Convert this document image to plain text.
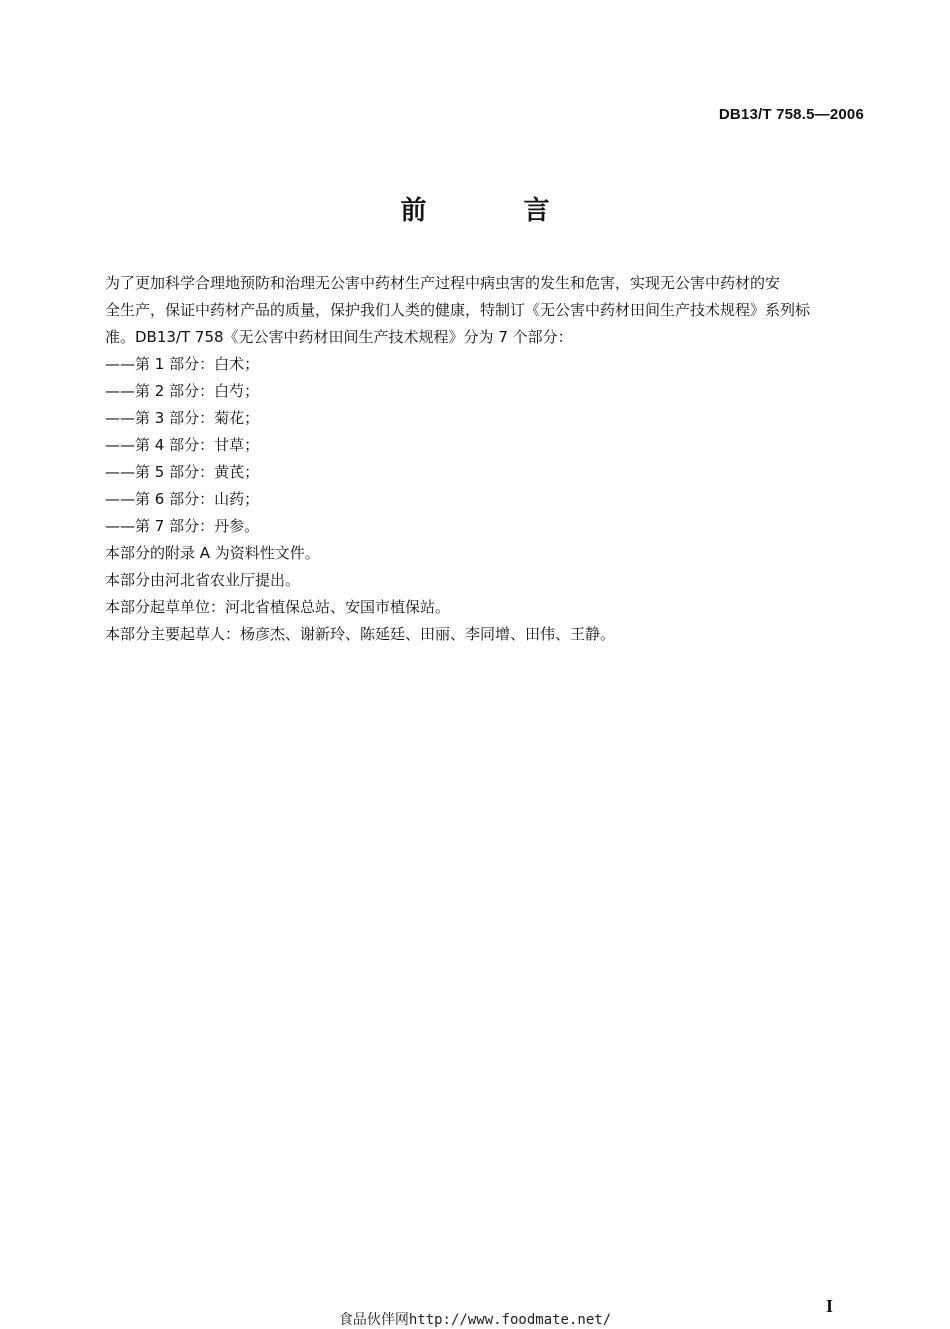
DB13/T 758.5—2006
前 言
为了更加科学合理地预防和治理无公害中药材生产过程中病虫害的发生和危害，实现无公害中药材的安
全生产，保证中药材产品的质量，保护我们人类的健康，特制订《无公害中药材田间生产技术规程》系列标
准。DB13/T 758《无公害中药材田间生产技术规程》分为 7 个部分：
——第 1 部分：白术；
——第 2 部分：白芍；
——第 3 部分：菊花；
——第 4 部分：甘草；
——第 5 部分：黄芪；
——第 6 部分：山药；
——第 7 部分：丹参。
本部分的附录 A 为资料性文件。
本部分由河北省农业厅提出。
本部分起草单位：河北省植保总站、安国市植保站。
本部分主要起草人：杨彦杰、谢新玲、陈延廷、田丽、李同增、田伟、王静。
I
食品伙伴网http://www.foodmate.net/
